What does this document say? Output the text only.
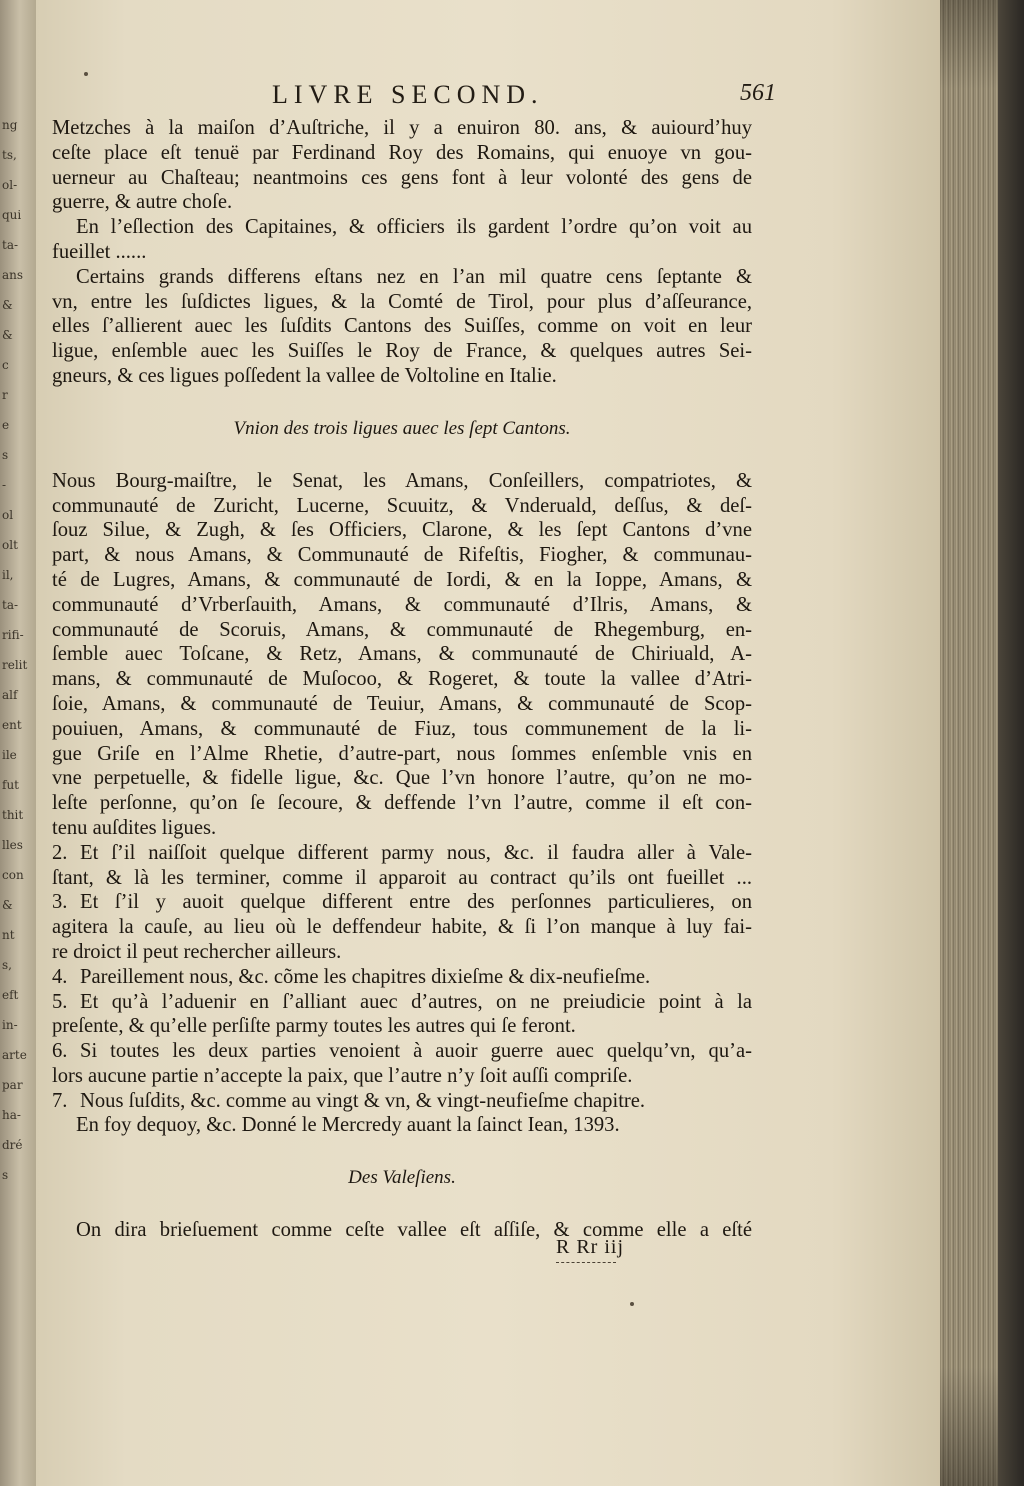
ng
ts,
ol-
qui
ta-
ans
&
&
c
r
e
s
-
ol
olt
il,
ta-
rifi-
relit
alf
ent
ile
fut
thit
lles
con
&
nt
s,
eft
in-
arte
par
ha-
dré
s
LIVRE SECOND.	561
Metzches à la maiſon d’Auſtriche, il y a enuiron 80. ans, & auiourd’huy
ceſte place eſt tenuë par Ferdinand Roy des Romains, qui enuoye vn gou-
uerneur au Chaſteau; neantmoins ces gens font à leur volonté des gens de
guerre, & autre choſe.
En l’eſlection des Capitaines, & officiers ils gardent l’ordre qu’on voit au
fueillet ......
Certains grands differens eſtans nez en l’an mil quatre cens ſeptante &
vn, entre les ſuſdictes ligues, & la Comté de Tirol, pour plus d’aſſeurance,
elles ſ’allierent auec les ſuſdits Cantons des Suiſſes, comme on voit en leur
ligue, enſemble auec les Suiſſes le Roy de France, & quelques autres Sei-
gneurs, & ces ligues poſſedent la vallee de Voltoline en Italie.
Vnion des trois ligues auec les ſept Cantons.
Nous Bourg-maiſtre, le Senat, les Amans, Conſeillers, compatriotes, &
communauté de Zuricht, Lucerne, Scuuitz, & Vnderuald, deſſus, & deſ-
ſouz Silue, & Zugh, & ſes Officiers, Clarone, & les ſept Cantons d’vne
part, & nous Amans, & Communauté de Rifeſtis, Fiogher, & communau-
té de Lugres, Amans, & communauté de Iordi, & en la Ioppe, Amans, &
communauté d’Vrberſauith, Amans, & communauté d’Ilris, Amans, &
communauté de Scoruis, Amans, & communauté de Rhegemburg, en-
ſemble auec Toſcane, & Retz, Amans, & communauté de Chiriuald, A-
mans, & communauté de Muſocoo, & Rogeret, & toute la vallee d’Atri-
ſoie, Amans, & communauté de Teuiur, Amans, & communauté de Scop-
pouiuen, Amans, & communauté de Fiuz, tous communement de la li-
gue Griſe en l’Alme Rhetie, d’autre-part, nous ſommes enſemble vnis en
vne perpetuelle, & fidelle ligue, &c. Que l’vn honore l’autre, qu’on ne mo-
leſte perſonne, qu’on ſe ſecoure, & deffende l’vn l’autre, comme il eſt con-
tenu auſdites ligues.
2. Et ſ’il naiſſoit quelque different parmy nous, &c. il faudra aller à Vale-
ſtant, & là les terminer, comme il apparoit au contract qu’ils ont fueillet ...
3. Et ſ’il y auoit quelque different entre des perſonnes particulieres, on
agitera la cauſe, au lieu où le deffendeur habite, & ſi l’on manque à luy fai-
re droict il peut rechercher ailleurs.
4. Pareillement nous, &c. cõme les chapitres dixieſme & dix-neufieſme.
5. Et qu’à l’aduenir en ſ’alliant auec d’autres, on ne preiudicie point à la
preſente, & qu’elle perſiſte parmy toutes les autres qui ſe feront.
6. Si toutes les deux parties venoient à auoir guerre auec quelqu’vn, qu’a-
lors aucune partie n’accepte la paix, que l’autre n’y ſoit auſſi compriſe.
7. Nous ſuſdits, &c. comme au vingt & vn, & vingt-neufieſme chapitre.
En foy dequoy, &c. Donné le Mercredy auant la ſainct Iean, 1393.
Des Valeſiens.
On dira brieſuement comme ceſte vallee eſt aſſiſe, & comme elle a eſté
R Rr iij
